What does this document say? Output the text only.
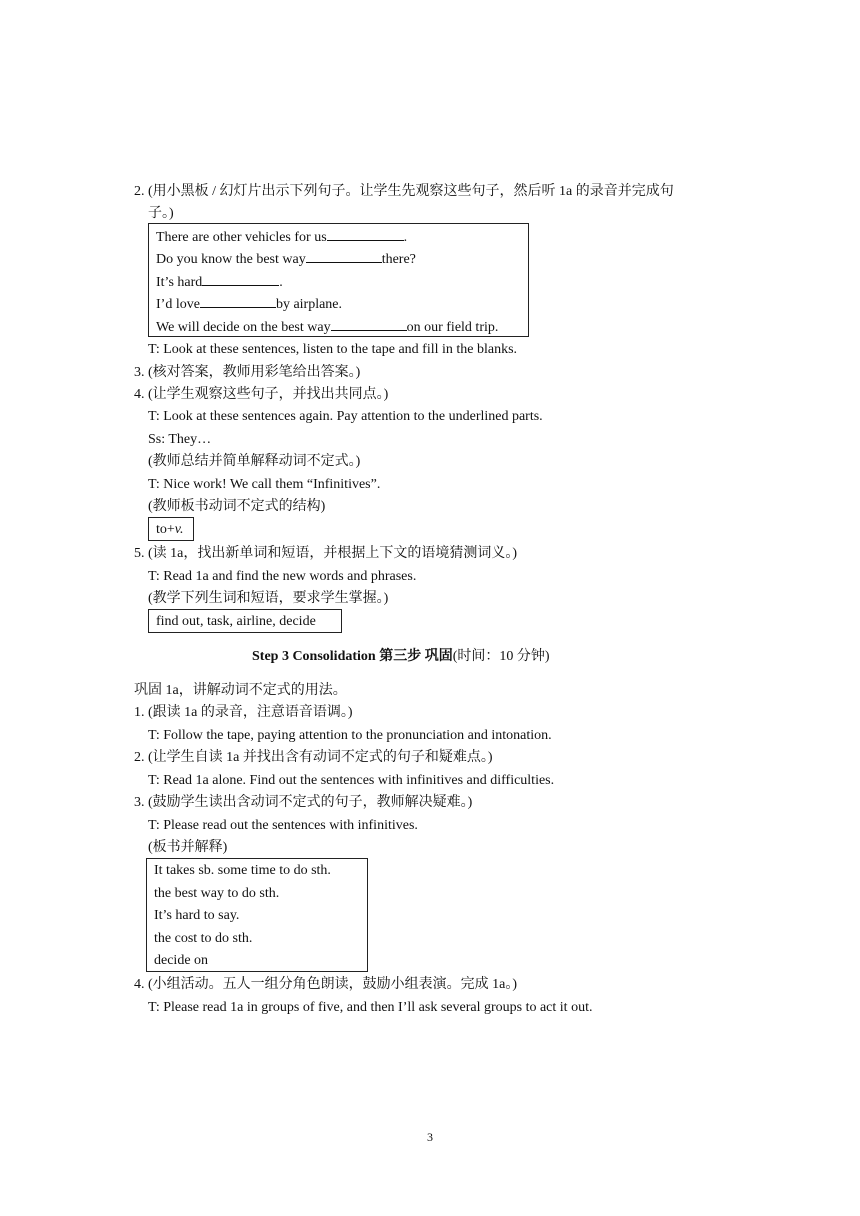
2. (用小黑板 / 幻灯片出示下列句子。让学生先观察这些句子，然后听 1a 的录音并完成句
子。)
There are other vehicles for us	.
Do you know the best way	there?
It’s hard	.
I’d love	by airplane.
We will decide on the best way	on our field trip.
T: Look at these sentences, listen to the tape and fill in the blanks.
3. (核对答案，教师用彩笔给出答案。)
4. (让学生观察这些句子，并找出共同点。)
T: Look at these sentences again. Pay attention to the underlined parts.
Ss: They…
(教师总结并简单解释动词不定式。)
T: Nice work! We call them “Infinitives”.
(教师板书动词不定式的结构)
to+v.
5. (读 1a，找出新单词和短语，并根据上下文的语境猜测词义。)
T: Read 1a and find the new words and phrases.
(教学下列生词和短语，要求学生掌握。)
find out, task, airline, decide
Step 3 Consolidation 第三步 巩固(时间：10 分钟)
巩固 1a，讲解动词不定式的用法。
1. (跟读 1a 的录音，注意语音语调。)
T: Follow the tape, paying attention to the pronunciation and intonation.
2. (让学生自读 1a 并找出含有动词不定式的句子和疑难点。)
T: Read 1a alone. Find out the sentences with infinitives and difficulties.
3. (鼓励学生读出含动词不定式的句子，教师解决疑难。)
T: Please read out the sentences with infinitives.
(板书并解释)
It takes sb. some time to do sth.
the best way to do sth.
It’s hard to say.
the cost to do sth.
decide on
4. (小组活动。五人一组分角色朗读，鼓励小组表演。完成 1a。)
T: Please read 1a in groups of five, and then I’ll ask several groups to act it out.
3
